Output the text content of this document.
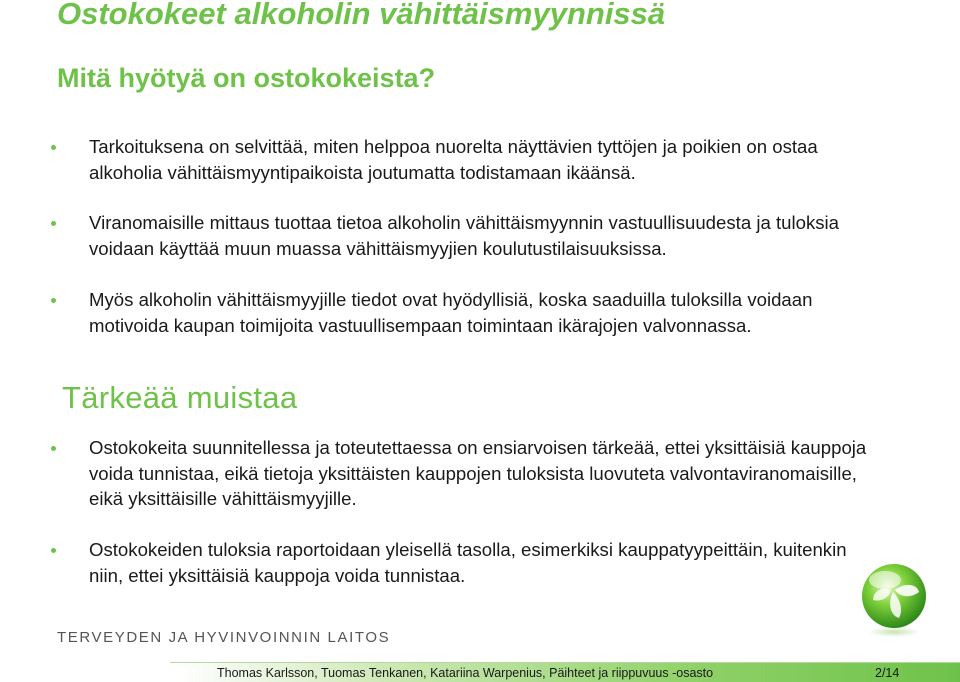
Ostokokeet alkoholin vähittäismyynnissä
Mitä hyötyä on ostokokeista?
Tarkoituksena on selvittää, miten helppoa nuorelta näyttävien tyttöjen ja poikien on ostaa alkoholia vähittäismyyntipaikoista joutumatta todistamaan ikäänsä.
Viranomaisille mittaus tuottaa tietoa alkoholin vähittäismyynnin vastuullisuudesta ja tuloksia voidaan käyttää muun muassa vähittäismyyjien koulutustilaisuuksissa.
Myös alkoholin vähittäismyyjille tiedot ovat hyödyllisiä, koska saaduilla tuloksilla voidaan motivoida kaupan toimijoita vastuullisempaan toimintaan ikärajojen valvonnassa.
Tärkeää muistaa
Ostokokeita suunnitellessa ja toteutettaessa on ensiarvoisen tärkeää, ettei yksittäisiä kauppoja voida tunnistaa, eikä tietoja yksittäisten kauppojen tuloksista luovuteta valvontaviranomaisille, eikä yksittäisille vähittäismyyjille.
Ostokokeiden tuloksia raportoidaan yleisellä tasolla, esimerkiksi kauppatyypeittäin, kuitenkin niin, ettei yksittäisiä kauppoja voida tunnistaa.
TERVEYDEN JA HYVINVOINNIN LAITOS
Thomas Karlsson, Tuomas Tenkanen, Katariina Warpenius, Päihteet ja riippuvuus -osasto	2/14
